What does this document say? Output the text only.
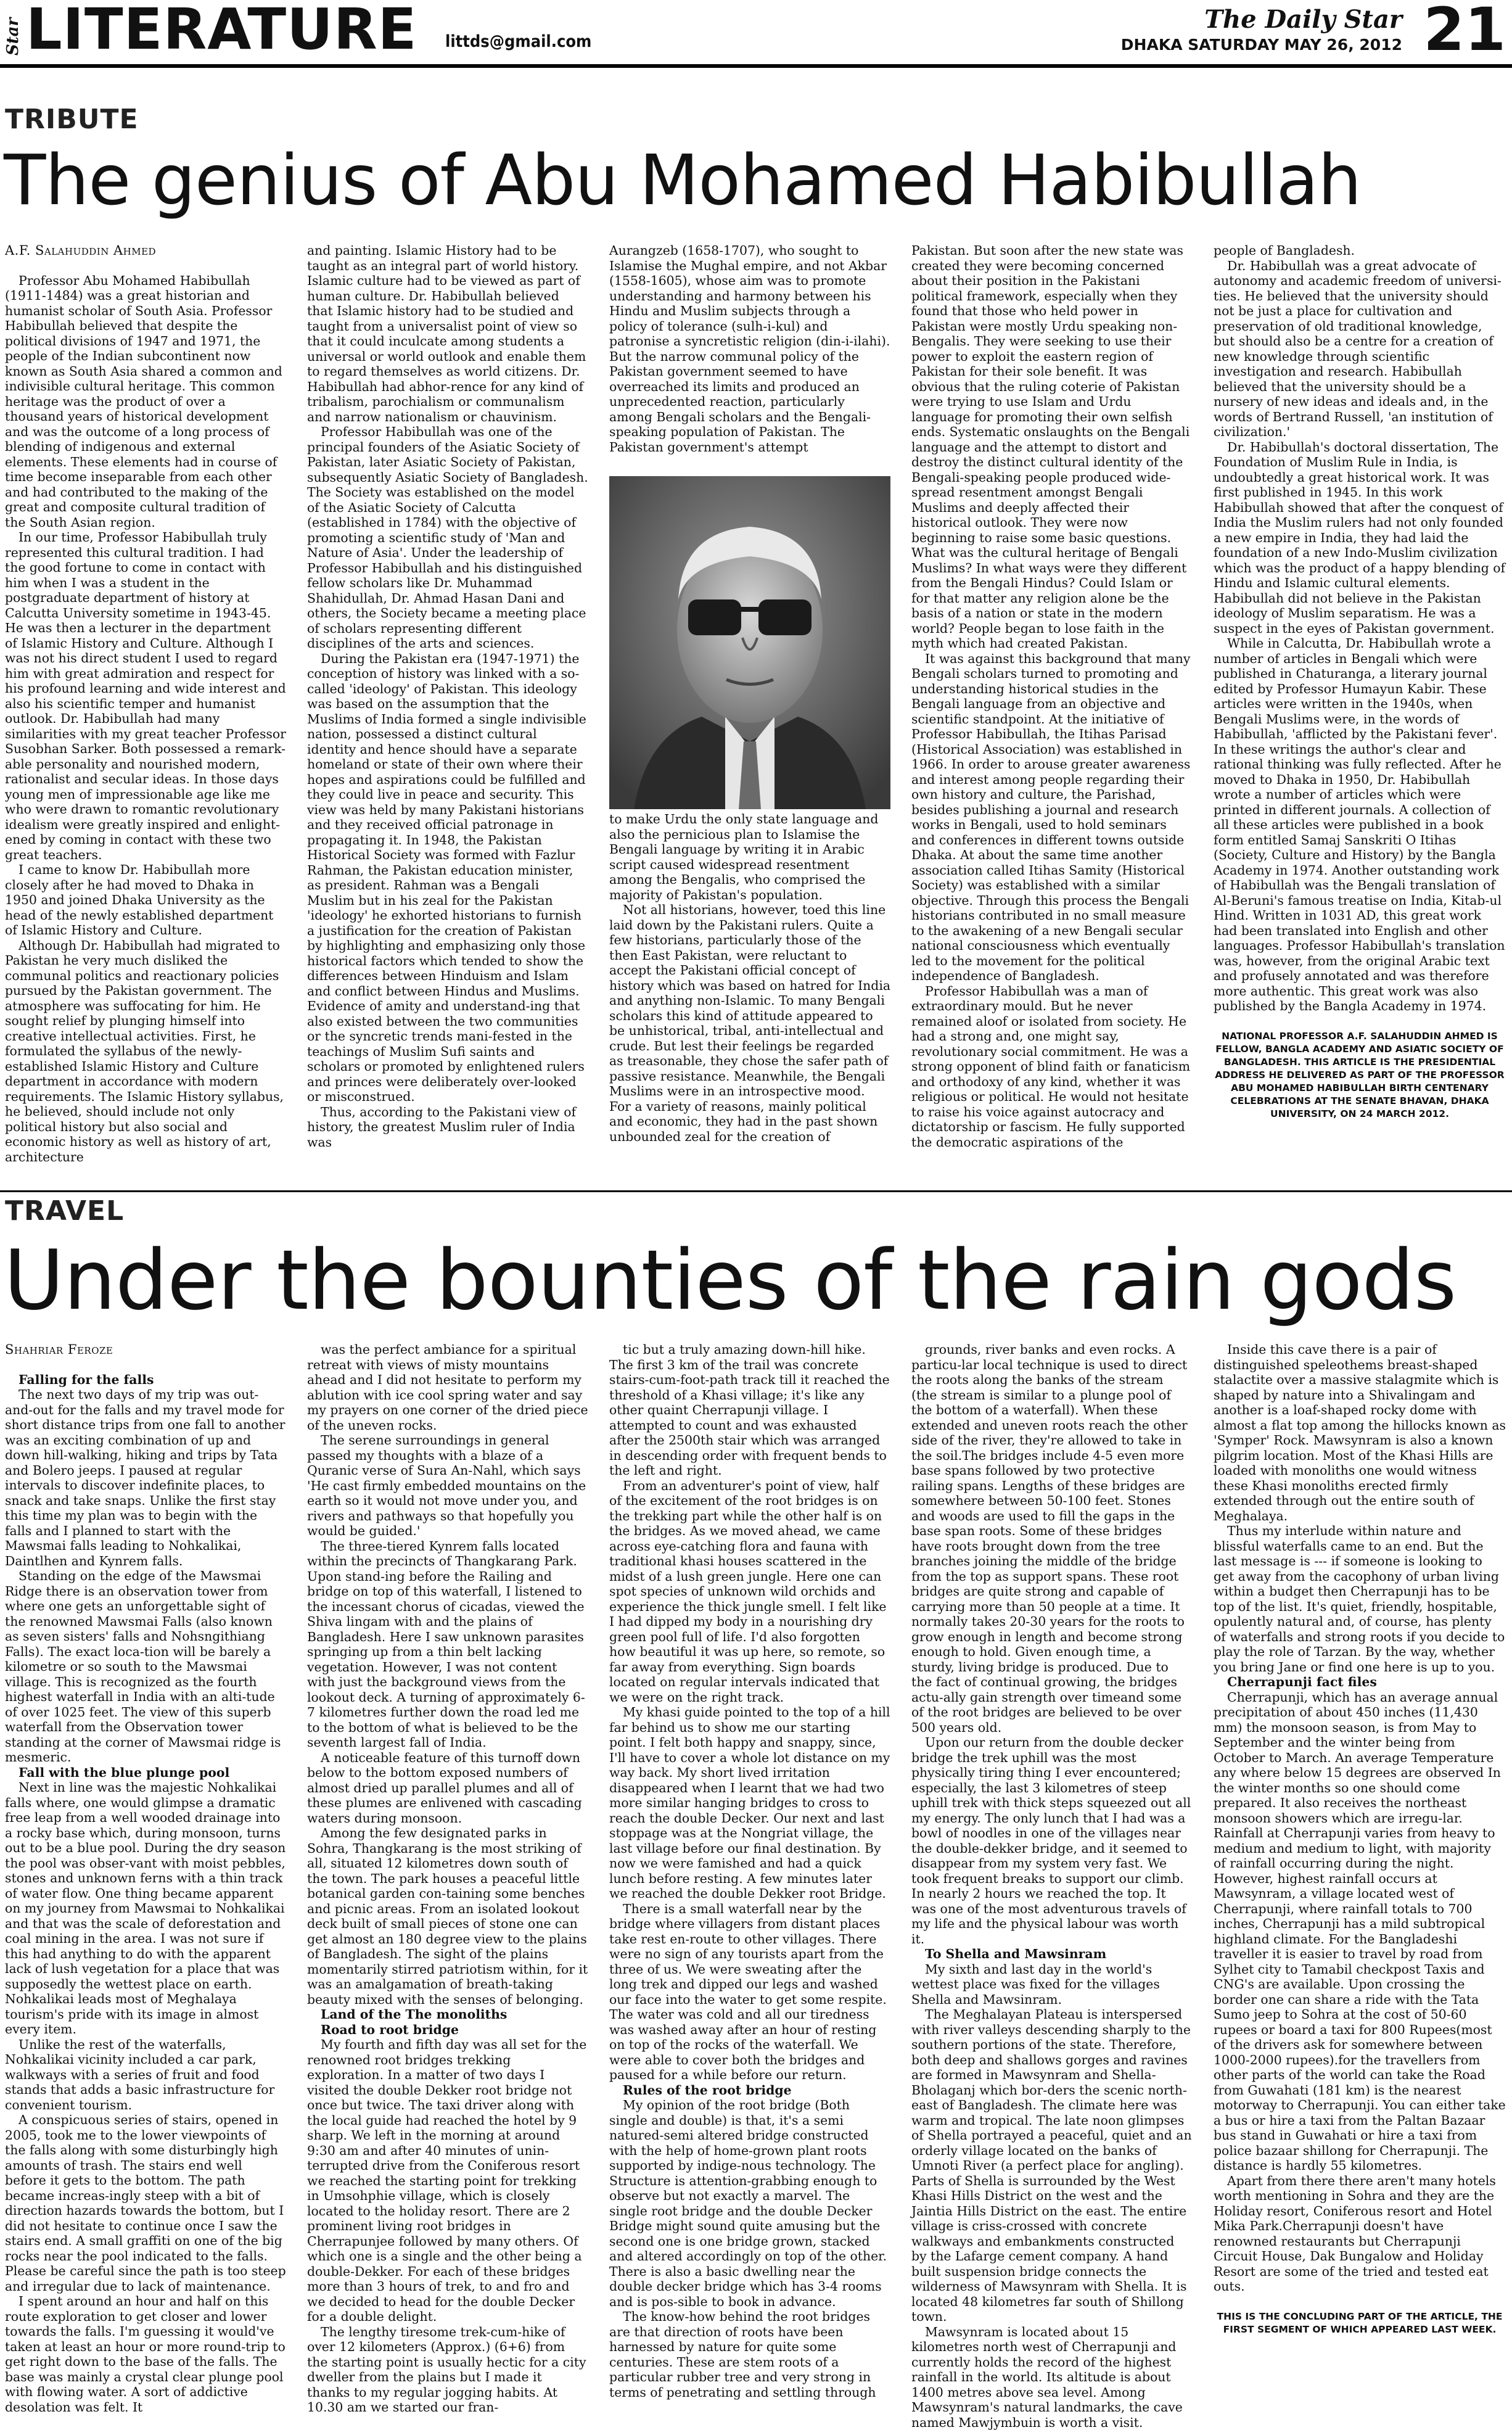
Star LITERATURE littds@gmail.com
The Daily Star
DHAKA SATURDAY MAY 26, 2012 21
TRIBUTE
The genius of Abu Mohamed Habibullah
A.F. Salahuddin Ahmed

Professor Abu Mohamed Habibullah (1911-1484) was a great historian and humanist scholar of South Asia. Professor Habibullah believed that despite the political divisions of 1947 and 1971, the people of the Indian subcontinent now known as South Asia shared a common and indivisible cultural heritage. This common heritage was the product of over a thousand years of historical development and was the outcome of a long process of blending of indigenous and external elements. These elements had in course of time become inseparable from each other and had contributed to the making of the great and composite cultural tradition of the South Asian region.

In our time, Professor Habibullah truly represented this cultural tradition. I had the good fortune to come in contact with him when I was a student in the postgraduate department of history at Calcutta University sometime in 1943-45. He was then a lecturer in the department of Islamic History and Culture. Although I was not his direct student I used to regard him with great admiration and respect for his profound learning and wide interest and also his scientific temper and humanist outlook. Dr. Habibullah had many similarities with my great teacher Professor Susobhan Sarker. Both possessed a remark-able personality and nourished modern, rationalist and secular ideas. In those days young men of impressionable age like me who were drawn to romantic revolutionary idealism were greatly inspired and enlight-ened by coming in contact with these two great teachers.

I came to know Dr. Habibullah more closely after he had moved to Dhaka in 1950 and joined Dhaka University as the head of the newly established department of Islamic History and Culture.

Although Dr. Habibullah had migrated to Pakistan he very much disliked the communal politics and reactionary policies pursued by the Pakistan government. The atmosphere was suffocating for him. He sought relief by plunging himself into creative intellectual activities. First, he formulated the syllabus of the newly-established Islamic History and Culture department in accordance with modern requirements. The Islamic History syllabus, he believed, should include not only political history but also social and economic history as well as history of art, architecture

and painting. Islamic History had to be taught as an integral part of world history. Islamic culture had to be viewed as part of human culture. Dr. Habibullah believed that Islamic history had to be studied and taught from a universalist point of view so that it could inculcate among students a universal or world outlook and enable them to regard themselves as world citizens. Dr. Habibullah had abhor-rence for any kind of tribalism, parochialism or communalism and narrow nationalism or chauvinism.

Professor Habibullah was one of the principal founders of the Asiatic Society of Pakistan, later Asiatic Society of Pakistan, subsequently Asiatic Society of Bangladesh. The Society was established on the model of the Asiatic Society of Calcutta (established in 1784) with the objective of promoting a scientific study of 'Man and Nature of Asia'. Under the leadership of Professor Habibullah and his distinguished fellow scholars like Dr. Muhammad Shahidullah, Dr. Ahmad Hasan Dani and others, the Society became a meeting place of scholars representing different disciplines of the arts and sciences.

During the Pakistan era (1947-1971) the conception of history was linked with a so-called 'ideology' of Pakistan. This ideology was based on the assumption that the Muslims of India formed a single indivisible nation, possessed a distinct cultural identity and hence should have a separate homeland or state of their own where their hopes and aspirations could be fulfilled and they could live in peace and security. This view was held by many Pakistani historians and they received official patronage in propagating it. In 1948, the Pakistan Historical Society was formed with Fazlur Rahman, the Pakistan education minister, as president. Rahman was a Bengali Muslim but in his zeal for the Pakistan 'ideology' he exhorted historians to furnish a justification for the creation of Pakistan by highlighting and emphasizing only those historical factors which tended to show the differences between Hinduism and Islam and conflict between Hindus and Muslims. Evidence of amity and understand-ing that also existed between the two communities or the syncretic trends mani-fested in the teachings of Muslim Sufi saints and scholars or promoted by enlightened rulers and princes were deliberately over-looked or misconstrued.

Thus, according to the Pakistani view of history, the greatest Muslim ruler of India was

Aurangzeb (1658-1707), who sought to Islamise the Mughal empire, and not Akbar (1558-1605), whose aim was to promote understanding and harmony between his Hindu and Muslim subjects through a policy of tolerance (sulh-i-kul) and patronise a syncretistic religion (din-i-ilahi). But the narrow communal policy of the Pakistan government seemed to have overreached its limits and produced an unprecedented reaction, particularly among Bengali scholars and the Bengali-speaking population of Pakistan. The Pakistan government's attempt

to make Urdu the only state language and also the pernicious plan to Islamise the Bengali language by writing it in Arabic script caused widespread resentment among the Bengalis, who comprised the majority of Pakistan's population.

Not all historians, however, toed this line laid down by the Pakistani rulers. Quite a few historians, particularly those of the then East Pakistan, were reluctant to accept the Pakistani official concept of history which was based on hatred for India and anything non-Islamic. To many Bengali scholars this kind of attitude appeared to be unhistorical, tribal, anti-intellectual and crude. But lest their feelings be regarded as treasonable, they chose the safer path of passive resistance. Meanwhile, the Bengali Muslims were in an introspective mood. For a variety of reasons, mainly political and economic, they had in the past shown unbounded zeal for the creation of

Pakistan. But soon after the new state was created they were becoming concerned about their position in the Pakistani political framework, especially when they found that those who held power in Pakistan were mostly Urdu speaking non-Bengalis. They were seeking to use their power to exploit the eastern region of Pakistan for their sole benefit. It was obvious that the ruling coterie of Pakistan were trying to use Islam and Urdu language for promoting their own selfish ends. Systematic onslaughts on the Bengali language and the attempt to distort and destroy the distinct cultural identity of the Bengali-speaking people produced wide-spread resentment amongst Bengali Muslims and deeply affected their historical outlook. They were now beginning to raise some basic questions. What was the cultural heritage of Bengali Muslims? In what ways were they different from the Bengali Hindus? Could Islam or for that matter any religion alone be the basis of a nation or state in the modern world? People began to lose faith in the myth which had created Pakistan.

It was against this background that many Bengali scholars turned to promoting and understanding historical studies in the Bengali language from an objective and scientific standpoint. At the initiative of Professor Habibullah, the Itihas Parisad (Historical Association) was established in 1966. In order to arouse greater awareness and interest among people regarding their own history and culture, the Parishad, besides publishing a journal and research works in Bengali, used to hold seminars and conferences in different towns outside Dhaka. At about the same time another association called Itihas Samity (Historical Society) was established with a similar objective. Through this process the Bengali historians contributed in no small measure to the awakening of a new Bengali secular national consciousness which eventually led to the movement for the political independence of Bangladesh.

Professor Habibullah was a man of extraordinary mould. But he never remained aloof or isolated from society. He had a strong and, one might say, revolutionary social commitment. He was a strong opponent of blind faith or fanaticism and orthodoxy of any kind, whether it was religious or political. He would not hesitate to raise his voice against autocracy and dictatorship or fascism. He fully supported the democratic aspirations of the

people of Bangladesh.

Dr. Habibullah was a great advocate of autonomy and academic freedom of universi-ties. He believed that the university should not be just a place for cultivation and preservation of old traditional knowledge, but should also be a centre for a creation of new knowledge through scientific investigation and research. Habibullah believed that the university should be a nursery of new ideas and ideals and, in the words of Bertrand Russell, 'an institution of civilization.'

Dr. Habibullah's doctoral dissertation, The Foundation of Muslim Rule in India, is undoubtedly a great historical work. It was first published in 1945. In this work Habibullah showed that after the conquest of India the Muslim rulers had not only founded a new empire in India, they had laid the foundation of a new Indo-Muslim civilization which was the product of a happy blending of Hindu and Islamic cultural elements. Habibullah did not believe in the Pakistan ideology of Muslim separatism. He was a suspect in the eyes of Pakistan government.

While in Calcutta, Dr. Habibullah wrote a number of articles in Bengali which were published in Chaturanga, a literary journal edited by Professor Humayun Kabir. These articles were written in the 1940s, when Bengali Muslims were, in the words of Habibullah, 'afflicted by the Pakistani fever'. In these writings the author's clear and rational thinking was fully reflected. After he moved to Dhaka in 1950, Dr. Habibullah wrote a number of articles which were printed in different journals. A collection of all these articles were published in a book form entitled Samaj Sanskriti O Itihas (Society, Culture and History) by the Bangla Academy in 1974. Another outstanding work of Habibullah was the Bengali translation of Al-Beruni's famous treatise on India, Kitab-ul Hind. Written in 1031 AD, this great work had been translated into English and other languages. Professor Habibullah's translation was, however, from the original Arabic text and profusely annotated and was therefore more authentic. This great work was also published by the Bangla Academy in 1974.

NATIONAL PROFESSOR A.F. SALAHUDDIN AHMED IS FELLOW, BANGLA ACADEMY AND ASIATIC SOCIETY OF BANGLADESH. THIS ARTICLE IS THE PRESIDENTIAL ADDRESS HE DELIVERED AS PART OF THE PROFESSOR ABU MOHAMED HABIBULLAH BIRTH CENTENARY CELEBRATIONS AT THE SENATE BHAVAN, DHAKA UNIVERSITY, ON 24 MARCH 2012.
TRAVEL
Under the bounties of the rain gods
Shahriar Feroze

Falling for the falls

The next two days of my trip was out-and-out for the falls and my travel mode for short distance trips from one fall to another was an exciting combination of up and down hill-walking, hiking and trips by Tata and Bolero jeeps. I paused at regular intervals to discover indefinite places, to snack and take snaps. Unlike the first stay this time my plan was to begin with the falls and I planned to start with the Mawsmai falls leading to Nohkalikai, Daintlhen and Kynrem falls.

Standing on the edge of the Mawsmai Ridge there is an observation tower from where one gets an unforgettable sight of the renowned Mawsmai Falls (also known as seven sisters' falls and Nohsngithiang Falls). The exact loca-tion will be barely a kilometre or so south to the Mawsmai village. This is recognized as the fourth highest waterfall in India with an alti-tude of over 1025 feet. The view of this superb waterfall from the Observation tower standing at the corner of Mawsmai ridge is mesmeric.

Fall with the blue plunge pool

Next in line was the majestic Nohkalikai falls where, one would glimpse a dramatic free leap from a well wooded drainage into a rocky base which, during monsoon, turns out to be a blue pool. During the dry season the pool was obser-vant with moist pebbles, stones and unknown ferns with a thin track of water flow. One thing became apparent on my journey from Mawsmai to Nohkalikai and that was the scale of deforestation and coal mining in the area. I was not sure if this had anything to do with the apparent lack of lush vegetation for a place that was supposedly the wettest place on earth. Nohkalikai leads most of Meghalaya tourism's pride with its image in almost every item.

Unlike the rest of the waterfalls, Nohkalikai vicinity included a car park, walkways with a series of fruit and food stands that adds a basic infrastructure for convenient tourism.

A conspicuous series of stairs, opened in 2005, took me to the lower viewpoints of the falls along with some disturbingly high amounts of trash. The stairs end well before it gets to the bottom. The path became increas-ingly steep with a bit of direction hazards towards the bottom, but I did not hesitate to continue once I saw the stairs end. A small graffiti on one of the big rocks near the pool indicated to the falls. Please be careful since the path is too steep and irregular due to lack of maintenance.

I spent around an hour and half on this route exploration to get closer and lower towards the falls. I'm guessing it would've taken at least an hour or more round-trip to get right down to the base of the falls. The base was mainly a crystal clear plunge pool with flowing water. A sort of addictive desolation was felt. It

was the perfect ambiance for a spiritual retreat with views of misty mountains ahead and I did not hesitate to perform my ablution with ice cool spring water and say my prayers on one corner of the dried piece of the uneven rocks.

The serene surroundings in general passed my thoughts with a blaze of a Quranic verse of Sura An-Nahl, which says 'He cast firmly embedded mountains on the earth so it would not move under you, and rivers and pathways so that hopefully you would be guided.'

The three-tiered Kynrem falls located within the precincts of Thangkarang Park. Upon stand-ing before the Railing and bridge on top of this waterfall, I listened to the incessant chorus of cicadas, viewed the Shiva lingam with and the plains of Bangladesh. Here I saw unknown parasites springing up from a thin belt lacking vegetation. However, I was not content with just the background views from the lookout deck. A turning of approximately 6-7 kilometres further down the road led me to the bottom of what is believed to be the seventh largest fall of India.

A noticeable feature of this turnoff down below to the bottom exposed numbers of almost dried up parallel plumes and all of these plumes are enlivened with cascading waters during monsoon.

Among the few designated parks in Sohra, Thangkarang is the most striking of all, situated 12 kilometres down south of the town. The park houses a peaceful little botanical garden con-taining some benches and picnic areas. From an isolated lookout deck built of small pieces of stone one can get almost an 180 degree view to the plains of Bangladesh. The sight of the plains momentarily stirred patriotism within, for it was an amalgamation of breath-taking beauty mixed with the senses of belonging.

Land of the The monoliths

Road to root bridge

My fourth and fifth day was all set for the renowned root bridges trekking exploration. In a matter of two days I visited the double Dekker root bridge not once but twice. The taxi driver along with the local guide had reached the hotel by 9 sharp. We left in the morning at around 9:30 am and after 40 minutes of unin-terrupted drive from the Coniferous resort we reached the starting point for trekking in Umsohphie village, which is closely located to the holiday resort. There are 2 prominent living root bridges in Cherrapunjee followed by many others. Of which one is a single and the other being a double-Dekker. For each of these bridges more than 3 hours of trek, to and fro and we decided to head for the double Decker for a double delight.

The lengthy tiresome trek-cum-hike of over 12 kilometers (Approx.) (6+6) from the starting point is usually hectic for a city dweller from the plains but I made it thanks to my regular jogging habits. At 10.30 am we started our fran-

tic but a truly amazing down-hill hike. The first 3 km of the trail was concrete stairs-cum-foot-path track till it reached the threshold of a Khasi village; it's like any other quaint Cherrapunji village. I attempted to count and was exhausted after the 2500th stair which was arranged in descending order with frequent bends to the left and right.

From an adventurer's point of view, half of the excitement of the root bridges is on the trekking part while the other half is on the bridges. As we moved ahead, we came across eye-catching flora and fauna with traditional khasi houses scattered in the midst of a lush green jungle. Here one can spot species of unknown wild orchids and experience the thick jungle smell. I felt like I had dipped my body in a nourishing dry green pool full of life. I'd also forgotten how beautiful it was up here, so remote, so far away from everything. Sign boards located on regular intervals indicated that we were on the right track.

My khasi guide pointed to the top of a hill far behind us to show me our starting point. I felt both happy and snappy, since, I'll have to cover a whole lot distance on my way back. My short lived irritation disappeared when I learnt that we had two more similar hanging bridges to cross to reach the double Decker. Our next and last stoppage was at the Nongriat village, the last village before our final destination. By now we were famished and had a quick lunch before resting. A few minutes later we reached the double Dekker root Bridge.

There is a small waterfall near by the bridge where villagers from distant places take rest en-route to other villages. There were no sign of any tourists apart from the three of us. We were sweating after the long trek and dipped our legs and washed our face into the water to get some respite. The water was cold and all our tiredness was washed away after an hour of resting on top of the rocks of the waterfall. We were able to cover both the bridges and paused for a while before our return.

Rules of the root bridge

My opinion of the root bridge (Both single and double) is that, it's a semi natured-semi altered bridge constructed with the help of home-grown plant roots supported by indige-nous technology. The Structure is attention-grabbing enough to observe but not exactly a marvel. The single root bridge and the double Decker Bridge might sound quite amusing but the second one is one bridge grown, stacked and altered accordingly on top of the other. There is also a basic dwelling near the double decker bridge which has 3-4 rooms and is pos-sible to book in advance.

The know-how behind the root bridges are that direction of roots have been harnessed by nature for quite some centuries. These are stem roots of a particular rubber tree and very strong in terms of penetrating and settling through

grounds, river banks and even rocks. A particu-lar local technique is used to direct the roots along the banks of the stream (the stream is similar to a plunge pool of the bottom of a waterfall). When these extended and uneven roots reach the other side of the river, they're allowed to take in the soil.The bridges include 4-5 even more base spans followed by two protective railing spans. Lengths of these bridges are somewhere between 50-100 feet. Stones and woods are used to fill the gaps in the base span roots. Some of these bridges have roots brought down from the tree branches joining the middle of the bridge from the top as support spans. These root bridges are quite strong and capable of carrying more than 50 people at a time. It normally takes 20-30 years for the roots to grow enough in length and become strong enough to hold. Given enough time, a sturdy, living bridge is produced. Due to the fact of continual growing, the bridges actu-ally gain strength over timeand some of the root bridges are believed to be over 500 years old.

Upon our return from the double decker bridge the trek uphill was the most physically tiring thing I ever encountered; especially, the last 3 kilometres of steep uphill trek with thick steps squeezed out all my energy. The only lunch that I had was a bowl of noodles in one of the villages near the double-dekker bridge, and it seemed to disappear from my system very fast. We took frequent breaks to support our climb. In nearly 2 hours we reached the top. It was one of the most adventurous travels of my life and the physical labour was worth it.

To Shella and Mawsinram

My sixth and last day in the world's wettest place was fixed for the villages Shella and Mawsinram.

The Meghalayan Plateau is interspersed with river valleys descending sharply to the southern portions of the state. Therefore, both deep and shallows gorges and ravines are formed in Mawsynram and Shella-Bholaganj which bor-ders the scenic north-east of Bangladesh. The climate here was warm and tropical. The late noon glimpses of Shella portrayed a peaceful, quiet and an orderly village located on the banks of Umnoti River (a perfect place for angling). Parts of Shella is surrounded by the West Khasi Hills District on the west and the Jaintia Hills District on the east. The entire village is criss-crossed with concrete walkways and embankments constructed by the Lafarge cement company. A hand built suspension bridge connects the wilderness of Mawsynram with Shella. It is located 48 kilometres far south of Shillong town.

Mawsynram is located about 15 kilometres north west of Cherrapunji and currently holds the record of the highest rainfall in the world. Its altitude is about 1400 metres above sea level. Among Mawsynram's natural landmarks, the cave named Mawjymbuin is worth a visit.

Inside this cave there is a pair of distinguished speleothems breast-shaped stalactite over a massive stalagmite which is shaped by nature into a Shivalingam and another is a loaf-shaped rocky dome with almost a flat top among the hillocks known as 'Symper' Rock. Mawsynram is also a known pilgrim location. Most of the Khasi Hills are loaded with monoliths one would witness these Khasi monoliths erected firmly extended through out the entire south of Meghalaya.

Thus my interlude within nature and blissful waterfalls came to an end. But the last message is --- if someone is looking to get away from the cacophony of urban living within a budget then Cherrapunji has to be top of the list. It's quiet, friendly, hospitable, opulently natural and, of course, has plenty of waterfalls and strong roots if you decide to play the role of Tarzan. By the way, whether you bring Jane or find one here is up to you.

Cherrapunji fact files

Cherrapunji, which has an average annual precipitation of about 450 inches (11,430 mm) the monsoon season, is from May to September and the winter being from October to March. An average Temperature any where below 15 degrees are observed In the winter months so one should come prepared. It also receives the northeast monsoon showers which are irregu-lar. Rainfall at Cherrapunji varies from heavy to medium and medium to light, with majority of rainfall occurring during the night. However, highest rainfall occurs at Mawsynram, a village located west of Cherrapunji, where rainfall totals to 700 inches, Cherrapunji has a mild subtropical highland climate. For the Bangladeshi traveller it is easier to travel by road from Sylhet city to Tamabil checkpost Taxis and CNG's are available. Upon crossing the border one can share a ride with the Tata Sumo jeep to Sohra at the cost of 50-60 rupees or board a taxi for 800 Rupees(most of the drivers ask for somewhere between 1000-2000 rupees).for the travellers from other parts of the world can take the Road from Guwahati (181 km) is the nearest motorway to Cherrapunji. You can either take a bus or hire a taxi from the Paltan Bazaar bus stand in Guwahati or hire a taxi from police bazaar shillong for Cherrapunji. The distance is hardly 55 kilometres.

Apart from there there aren't many hotels worth mentioning in Sohra and they are the Holiday resort, Coniferous resort and Hotel Mika Park.Cherrapunji doesn't have renowned restaurants but Cherrapunji Circuit House, Dak Bungalow and Holiday Resort are some of the tried and tested eat outs.

THIS IS THE CONCLUDING PART OF THE ARTICLE, THE FIRST SEGMENT OF WHICH APPEARED LAST WEEK.
